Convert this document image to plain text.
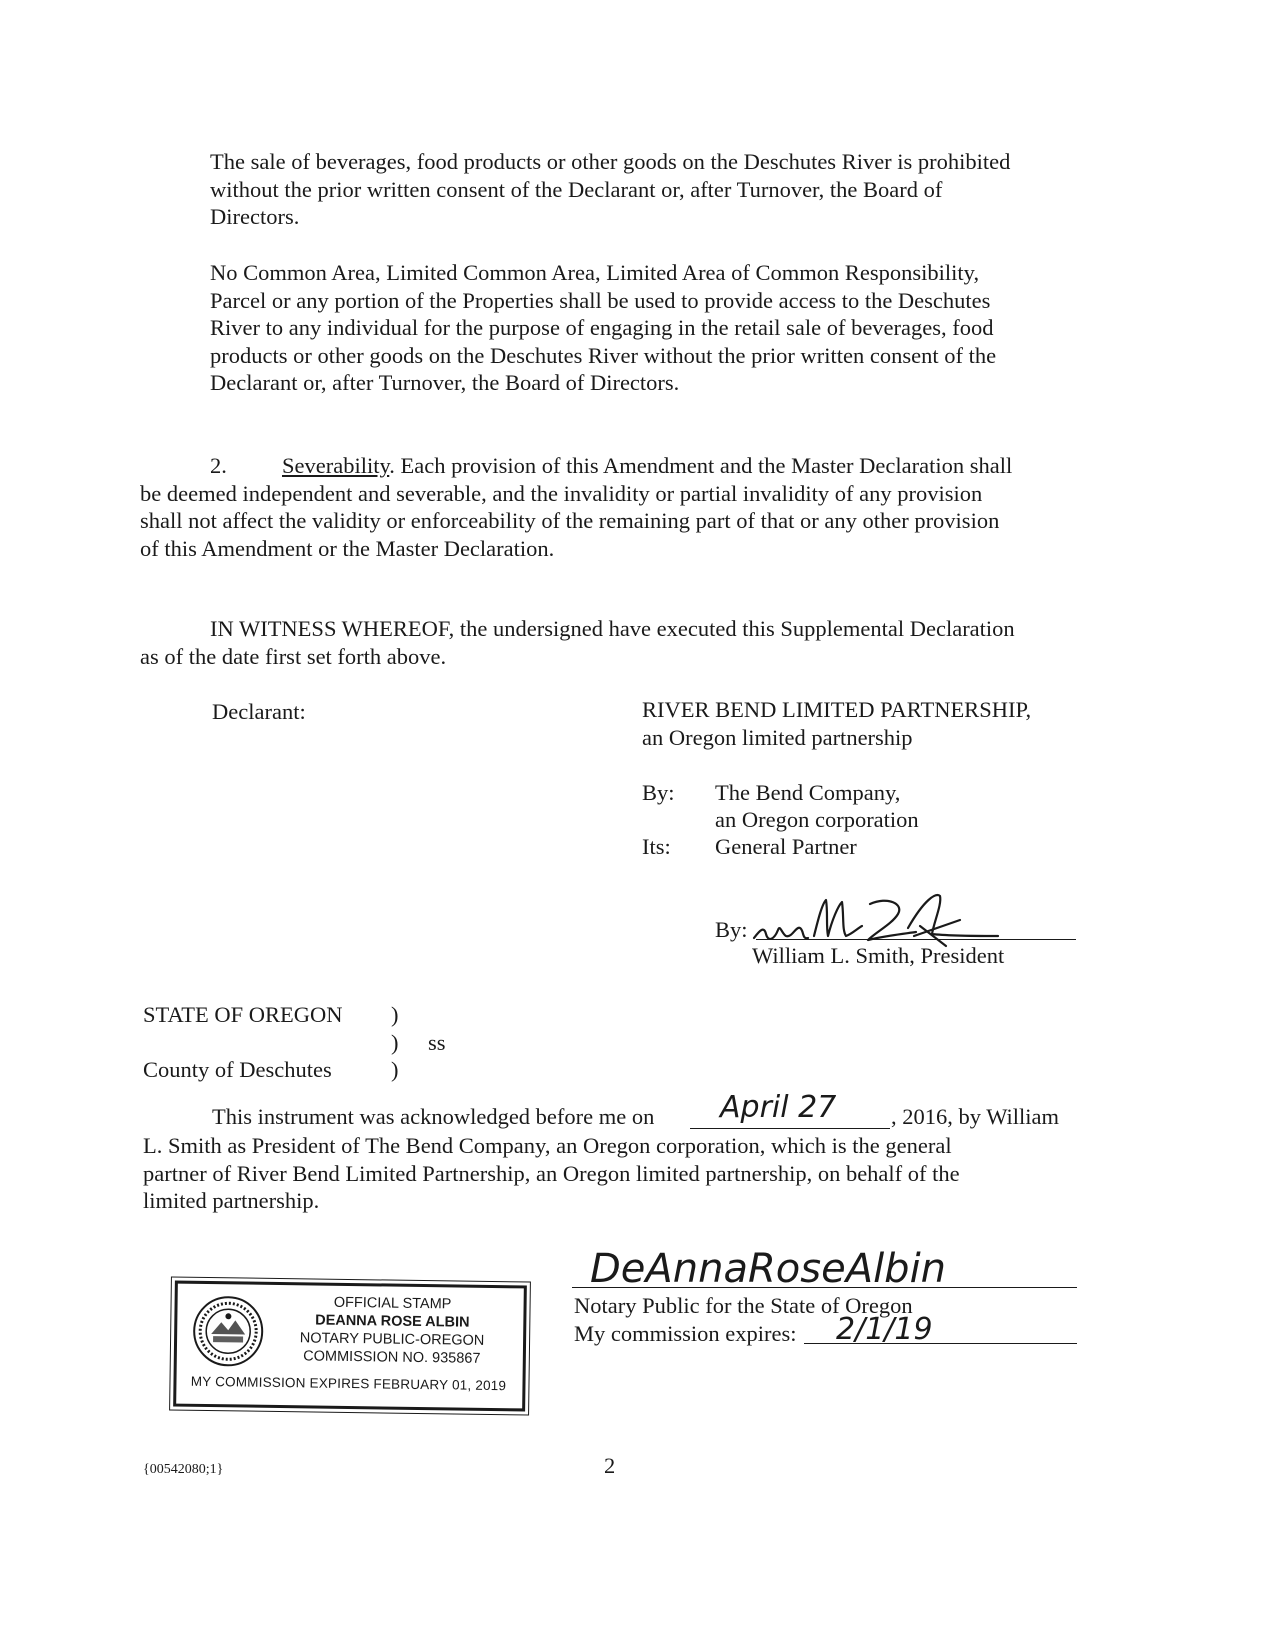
The sale of beverages, food products or other goods on the Deschutes River is prohibited
without the prior written consent of the Declarant or, after Turnover, the Board of
Directors.
No Common Area, Limited Common Area, Limited Area of Common Responsibility,
Parcel or any portion of the Properties shall be used to provide access to the Deschutes
River to any individual for the purpose of engaging in the retail sale of beverages, food
products or other goods on the Deschutes River without the prior written consent of the
Declarant or, after Turnover, the Board of Directors.
2. Severability. Each provision of this Amendment and the Master Declaration shall
be deemed independent and severable, and the invalidity or partial invalidity of any provision
shall not affect the validity or enforceability of the remaining part of that or any other provision
of this Amendment or the Master Declaration.
IN WITNESS WHEREOF, the undersigned have executed this Supplemental Declaration
as of the date first set forth above.
Declarant:	RIVER BEND LIMITED PARTNERSHIP,
an Oregon limited partnership
By: The Bend Company,
an Oregon corporation
Its: General Partner
By:
William L. Smith, President
STATE OF OREGON )
) ss
County of Deschutes	)
This instrument was acknowledged before me on April 27 , 2016, by William
L. Smith as President of The Bend Company, an Oregon corporation, which is the general
partner of River Bend Limited Partnership, an Oregon limited partnership, on behalf of the
limited partnership.
OFFICIAL STAMP
DEANNA ROSE ALBIN
NOTARY PUBLIC-OREGON
COMMISSION NO. 935867
MY COMMISSION EXPIRES FEBRUARY 01, 2019
DeAnnaRoseAlbin
Notary Public for the State of Oregon
My commission expires: 2/1/19
{00542080;1}	2
